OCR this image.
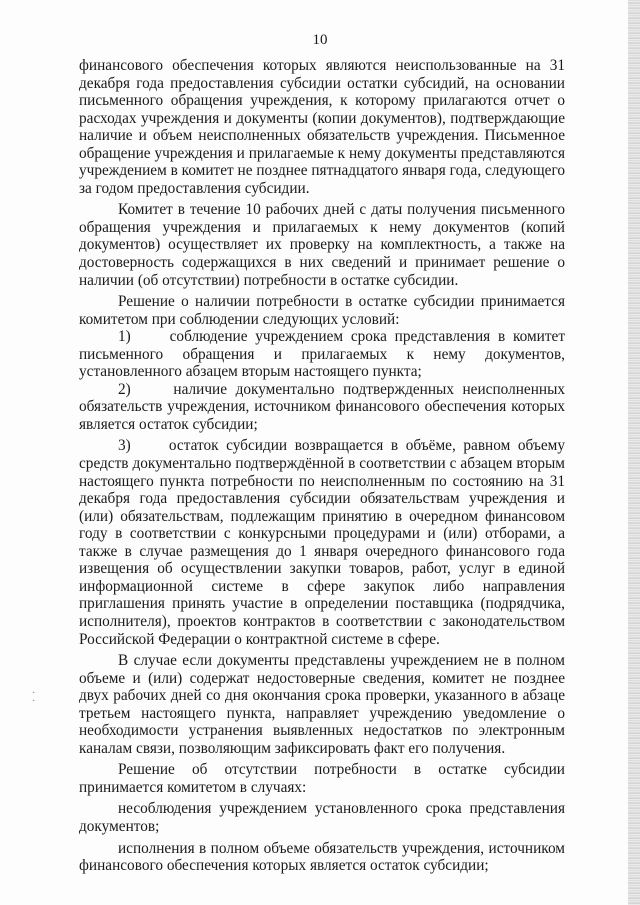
10

финансового обеспечения которых являются неиспользованные на 31 декабря года предоставления субсидии остатки субсидий, на основании письменного обращения учреждения, к которому прилагаются отчет о расходах учреждения и документы (копии документов), подтверждающие наличие и объем неисполненных обязательств учреждения. Письменное обращение учреждения и прилагаемые к нему документы представляются учреждением в комитет не позднее пятнадцатого января года, следующего за годом предоставления субсидии.

Комитет в течение 10 рабочих дней с даты получения письменного обращения учреждения и прилагаемых к нему документов (копий документов) осуществляет их проверку на комплектность, а также на достоверность содержащихся в них сведений и принимает решение о наличии (об отсутствии) потребности в остатке субсидии.

Решение о наличии потребности в остатке субсидии принимается комитетом при соблюдении следующих условий:

1)     соблюдение учреждением срока представления в комитет письменного обращения и прилагаемых к нему документов, установленного абзацем вторым настоящего пункта;

2)     наличие документально подтвержденных неисполненных обязательств учреждения, источником финансового обеспечения которых является остаток субсидии;

3)     остаток субсидии возвращается в объёме, равном объему средств документально подтверждённой в соответствии с абзацем вторым настоящего пункта потребности по неисполненным по состоянию на 31 декабря года предоставления субсидии обязательствам учреждения и (или) обязательствам, подлежащим принятию в очередном финансовом году в соответствии с конкурсными процедурами и (или) отборами, а также в случае размещения до 1 января очередного финансового года извещения об осуществлении закупки товаров, работ, услуг в единой информационной системе в сфере закупок либо направления приглашения принять участие в определении поставщика (подрядчика, исполнителя), проектов контрактов в соответствии с законодательством Российской Федерации о контрактной системе в сфере.

В случае если документы представлены учреждением не в полном объеме и (или) содержат недостоверные сведения, комитет не позднее двух рабочих дней со дня окончания срока проверки, указанного в абзаце третьем настоящего пункта, направляет учреждению уведомление о необходимости устранения выявленных недостатков по электронным каналам связи, позволяющим зафиксировать факт его получения.

Решение об отсутствии потребности в остатке субсидии принимается комитетом в случаях:

несоблюдения учреждением установленного срока представления документов;

исполнения в полном объеме обязательств учреждения, источником финансового обеспечения которых является остаток субсидии;

·
·
